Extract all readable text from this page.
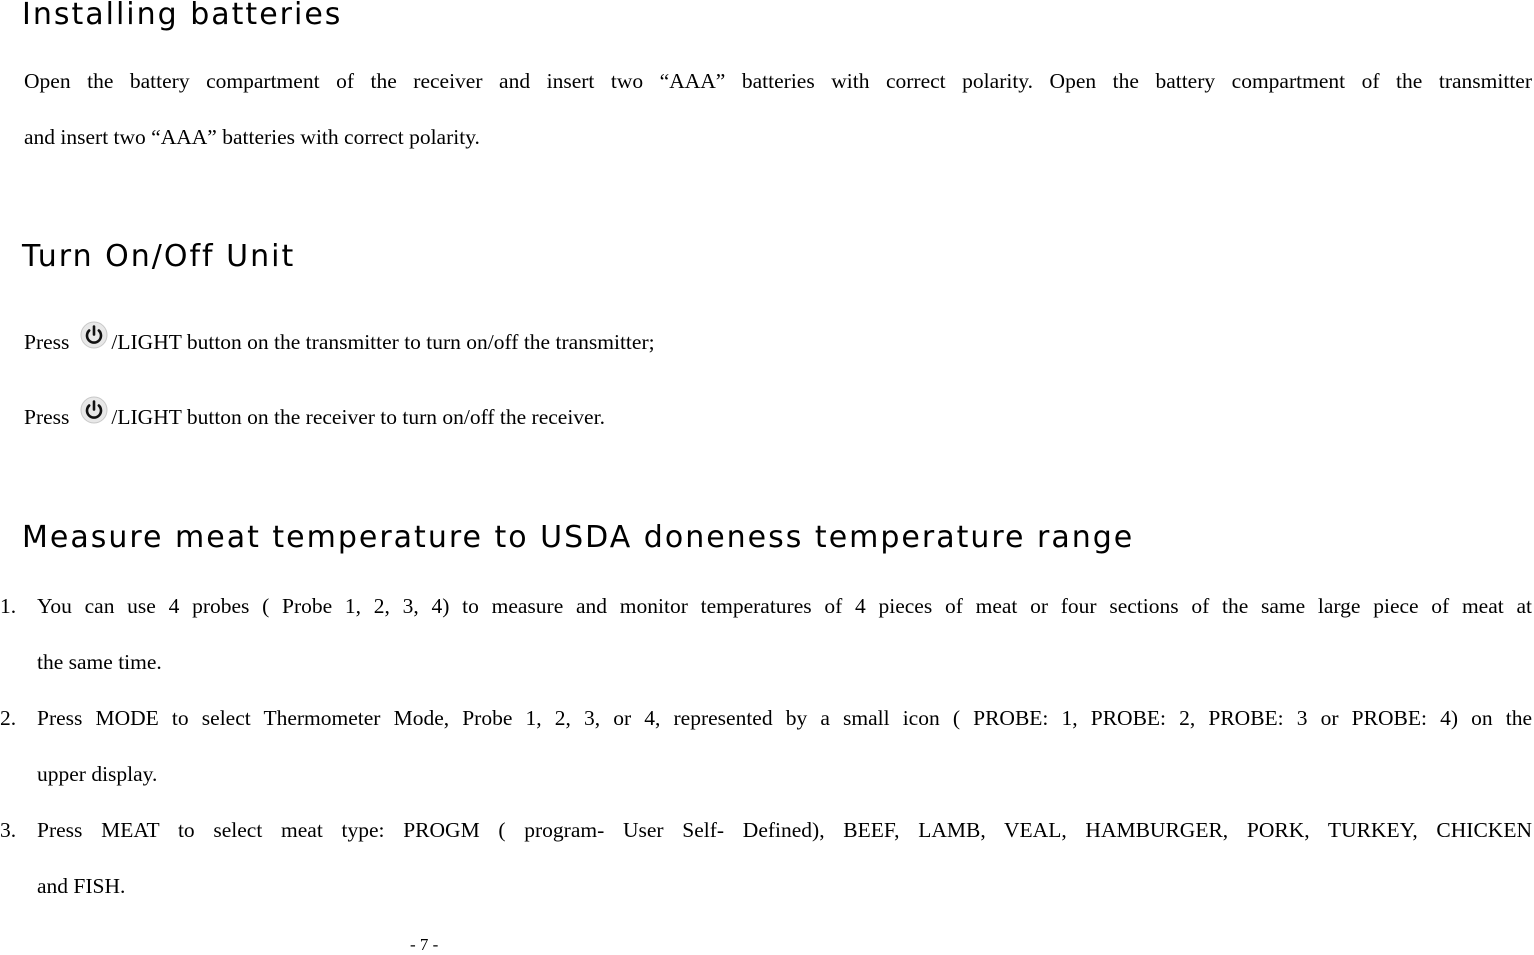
Installing batteries

Open the battery compartment of the receiver and insert two “AAA” batteries with correct polarity. Open the battery compartment of the transmitter

and insert two “AAA” batteries with correct polarity.

Turn On/Off Unit
Press /LIGHT button on the transmitter to turn on/off the transmitter;
Press /LIGHT button on the receiver to turn on/off the receiver.
Measure meat temperature to USDA doneness temperature range
1. You can use 4 probes ( Probe 1, 2, 3, 4) to measure and monitor temperatures of 4 pieces of meat or four sections of the same large piece of meat at

the same time.

2. Press MODE to select Thermometer Mode, Probe 1, 2, 3, or 4, represented by a small icon ( PROBE: 1, PROBE: 2, PROBE: 3 or PROBE: 4) on the

upper display.

3. Press MEAT to select meat type: PROGM ( program- User Self- Defined), BEEF, LAMB, VEAL, HAMBURGER, PORK, TURKEY, CHICKEN

and FISH.

- 7 -
